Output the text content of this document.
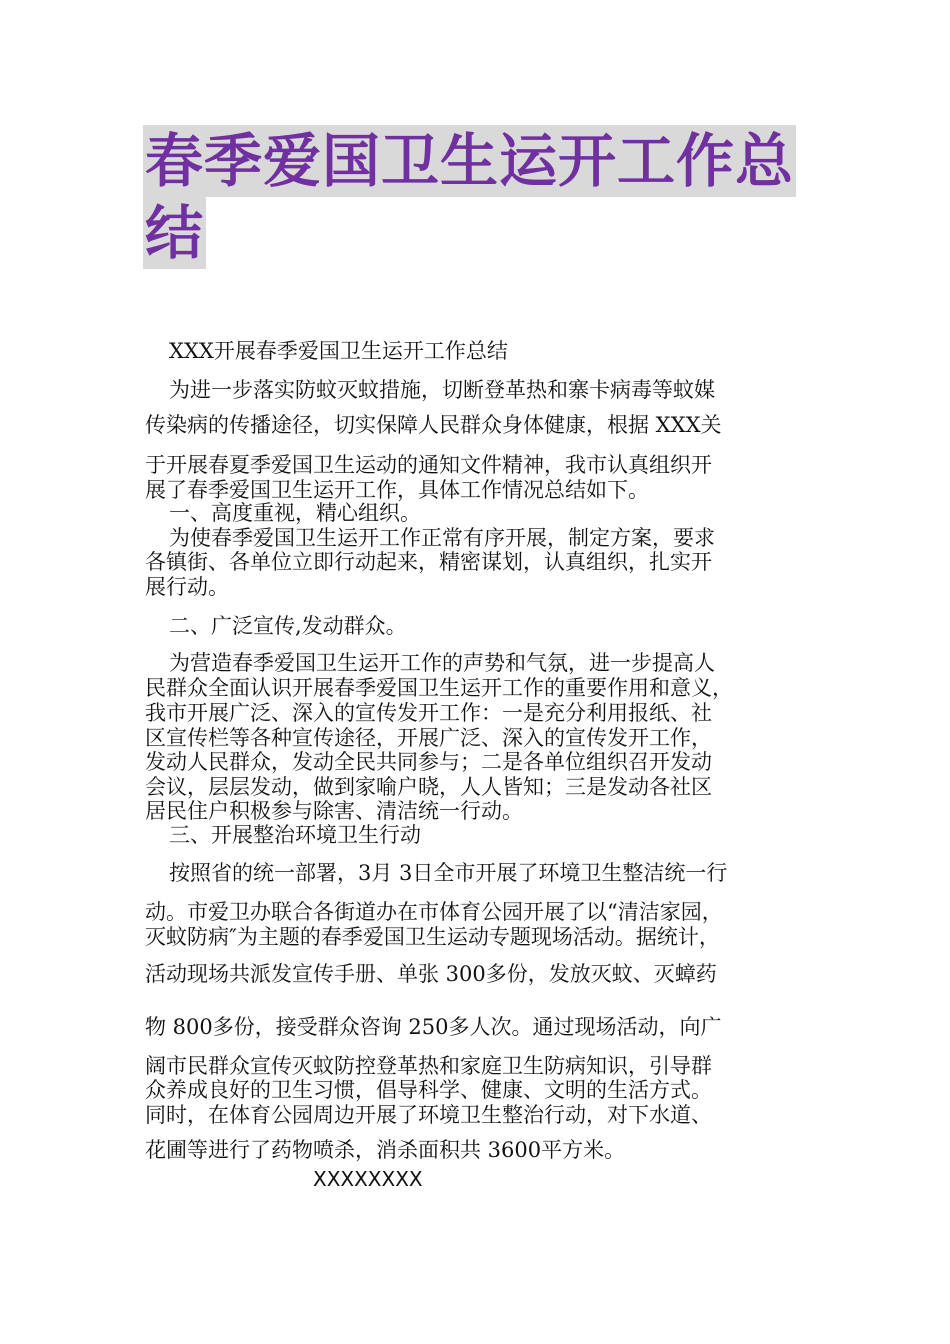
春季爱国卫生运开工作总
结
XXX开展春季爱国卫生运开工作总结
为进一步落实防蚊灭蚊措施，切断登革热和寨卡病毒等蚊媒
传染病的传播途径，切实保障人民群众身体健康，根据 XXX关
于开展春夏季爱国卫生运动的通知文件精神，我市认真组织开
展了春季爱国卫生运开工作，具体工作情况总结如下。
一、高度重视，精心组织。
为使春季爱国卫生运开工作正常有序开展，制定方案，要求
各镇街、各单位立即行动起来，精密谋划，认真组织，扎实开
展行动。
二、广泛宣传,发动群众。
为营造春季爱国卫生运开工作的声势和气氛，进一步提高人
民群众全面认识开展春季爱国卫生运开工作的重要作用和意义，
我市开展广泛、深入的宣传发开工作：一是充分利用报纸、社
区宣传栏等各种宣传途径，开展广泛、深入的宣传发开工作，
发动人民群众，发动全民共同参与；二是各单位组织召开发动
会议，层层发动，做到家喻户晓，人人皆知；三是发动各社区
居民住户积极参与除害、清洁统一行动。
三、开展整治环境卫生行动
按照省的统一部署，3月 3日全市开展了环境卫生整洁统一行
动。市爱卫办联合各街道办在市体育公园开展了以“清洁家园，
灭蚊防病″为主题的春季爱国卫生运动专题现场活动。据统计，
活动现场共派发宣传手册、单张 300多份，发放灭蚊、灭蟑药
物 800多份，接受群众咨询 250多人次。通过现场活动，向广
阔市民群众宣传灭蚊防控登革热和家庭卫生防病知识，引导群
众养成良好的卫生习惯，倡导科学、健康、文明的生活方式。
同时，在体育公园周边开展了环境卫生整治行动，对下水道、
花圃等进行了药物喷杀，消杀面积共 3600平方米。
XXXXXXXX
